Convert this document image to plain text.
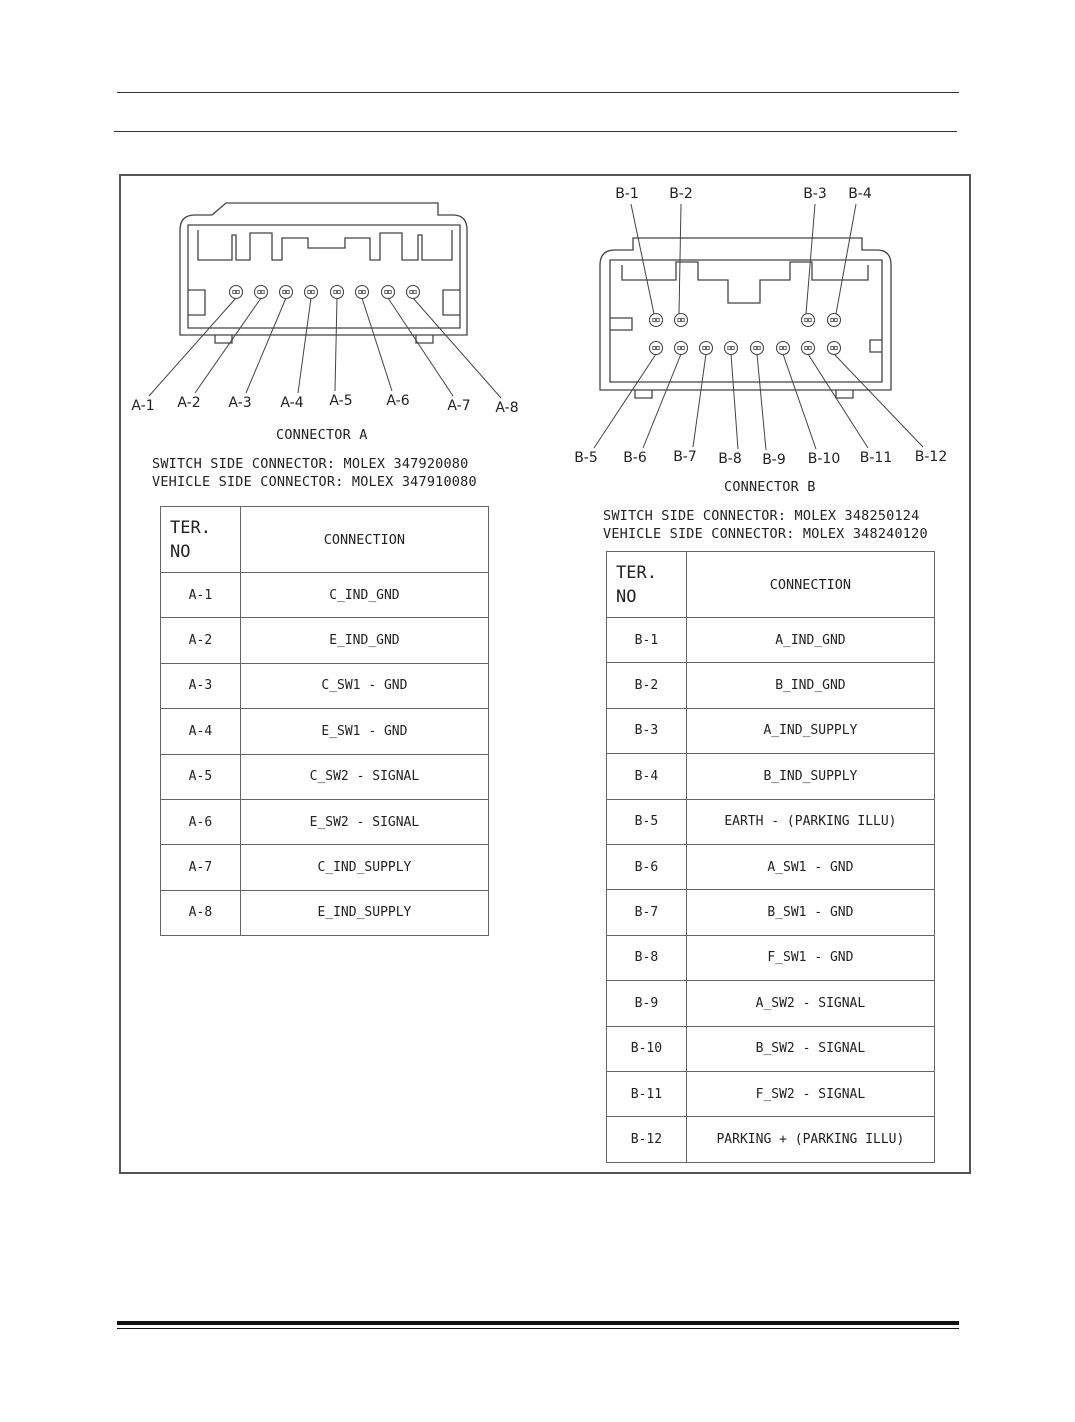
A-1 A-2 A-3 A-4 A-5 A-6	A-7 A-8
B-1 B-2	B-3 B-4
B-5 B-6 B-7 B-8 B-9 B-10 B-11 B-12
CONNECTOR A
SWITCH SIDE CONNECTOR: MOLEX 347920080
VEHICLE SIDE CONNECTOR: MOLEX 347910080	CONNECTOR B
SWITCH SIDE CONNECTOR: MOLEX 348250124
VEHICLE SIDE CONNECTOR: MOLEX 348240120
TER.
NO	CONNECTION
A-1	C_IND_GND
A-2	E_IND_GND
A-3	C_SW1 - GND
A-4	E_SW1 - GND
A-5	C_SW2 - SIGNAL
A-6	E_SW2 - SIGNAL
A-7	C_IND_SUPPLY
A-8	E_IND_SUPPLY
TER.
NO	CONNECTION
B-1	A_IND_GND
B-2	B_IND_GND
B-3	A_IND_SUPPLY
B-4	B_IND_SUPPLY
B-5	EARTH - (PARKING ILLU)
B-6	A_SW1 - GND
B-7	B_SW1 - GND
B-8	F_SW1 - GND
B-9	A_SW2 - SIGNAL
B-10	B_SW2 - SIGNAL
B-11	F_SW2 - SIGNAL
B-12	PARKING + (PARKING ILLU)
